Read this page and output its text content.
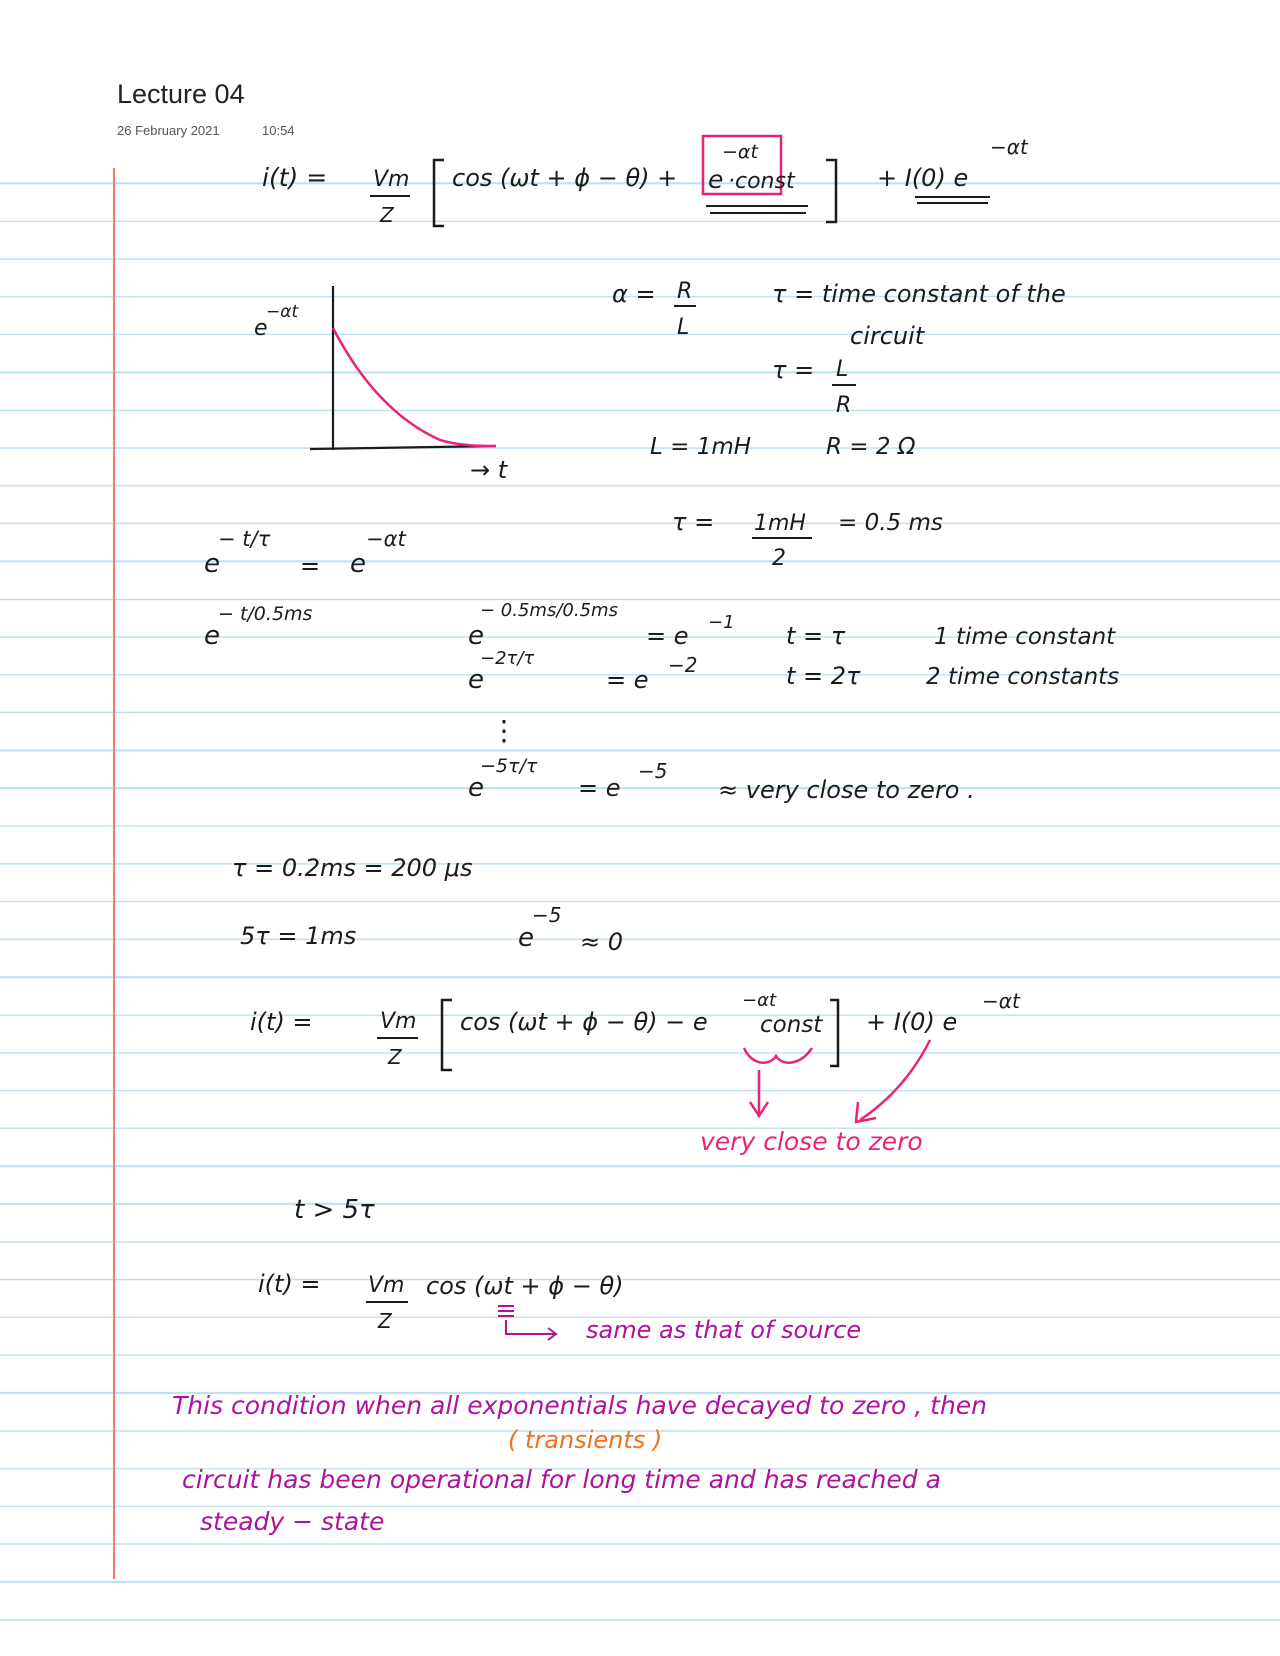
Lecture 04
26 February 2021	10:54
i(t) = Vm
Z
cos (ωt + ϕ − θ) + e
−αt
·const	+ I(0) e
−αt
e
−αt
→ t
α = R
L
τ = time constant of the
circuit
τ = L
R
L = 1mH	R = 2 Ω
τ = 1mH
2
= 0.5 ms
e
− t/τ
= e
−αt
e
− t/0.5ms
e
− 0.5ms/0.5ms
= e −1
e
−2τ/τ
= e
−2
⋮
e
−5τ/τ
= e
−5
≈ very close to zero .
t = τ	1 time constant
t = 2τ	2 time constants
τ = 0.2ms = 200 μs
5τ = 1ms	e
−5
≈ 0
i(t) =	Vm
Z
cos (ωt + ϕ − θ) − e
−αt
const + I(0) e
−αt
very close to zero
t > 5τ
i(t) = Vm
Z
cos (ωt + ϕ − θ)
same as that of source
This condition when all exponentials have decayed to zero , then
( transients )
circuit has been operational for long time and has reached a
steady − state
